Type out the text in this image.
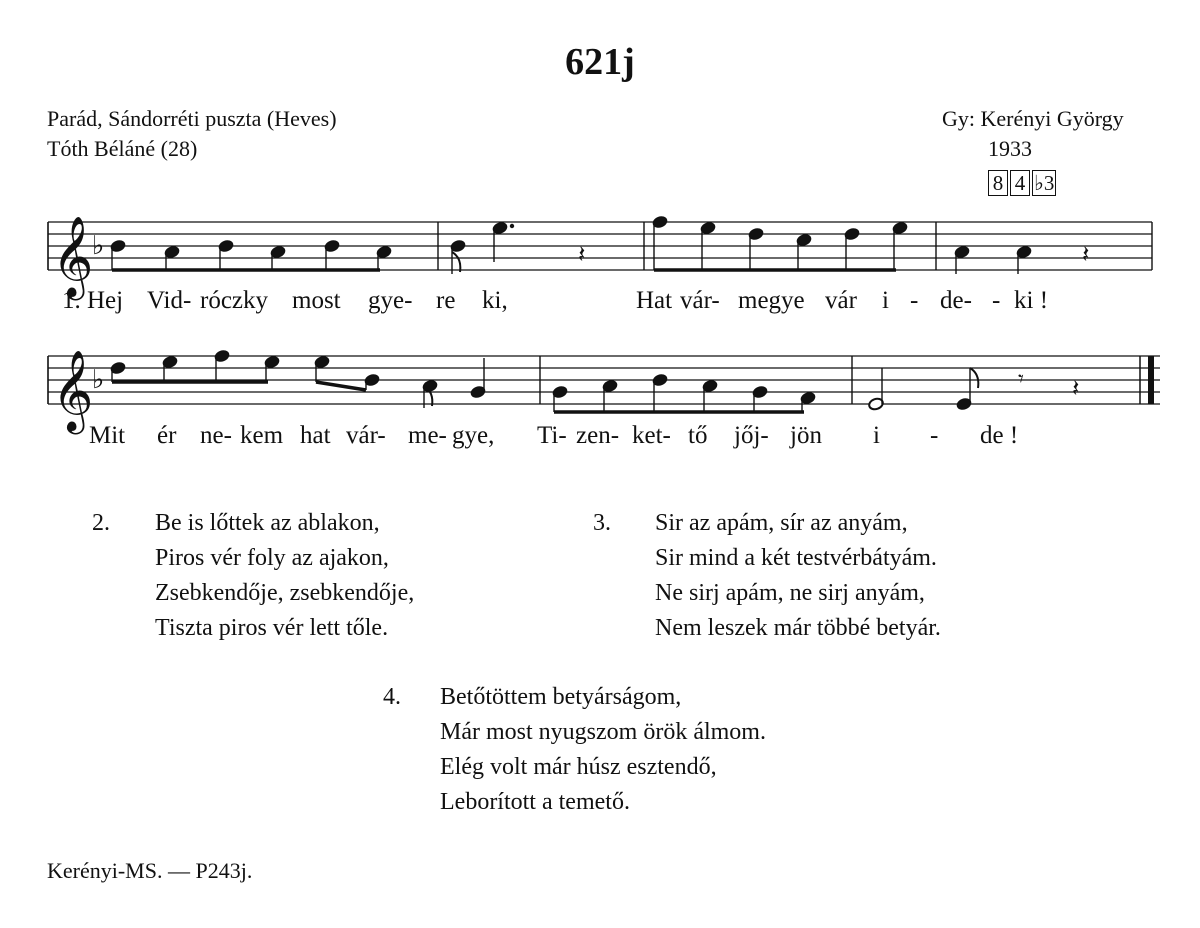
621j
Parád, Sándorréti puszta (Heves)
Tóth Béláné (28)
Gy: Kerényi György
1933
8 4 ♭3
𝄞
♭	𝄽	𝄽
𝄞
♭	𝄾 𝄽
1. Hej Vid- róczky most gye- re ki,	Hat vár- megye vár i - de- - ki !
Mit ér ne- kem hat vár- me- gye, Ti- zen- ket- tő jőj- jön i - de !
2. Be is lőttek az ablakon,
Piros vér foly az ajakon,
Zsebkendője, zsebkendője,
Tiszta piros vér lett tőle.
3. Sir az apám, sír az anyám,
Sir mind a két testvérbátyám.
Ne sirj apám, ne sirj anyám,
Nem leszek már többé betyár.
4. Betőtöttem betyárságom,
Már most nyugszom örök álmom.
Elég volt már húsz esztendő,
Leborított a temető.
Kerényi-MS. — P243j.
